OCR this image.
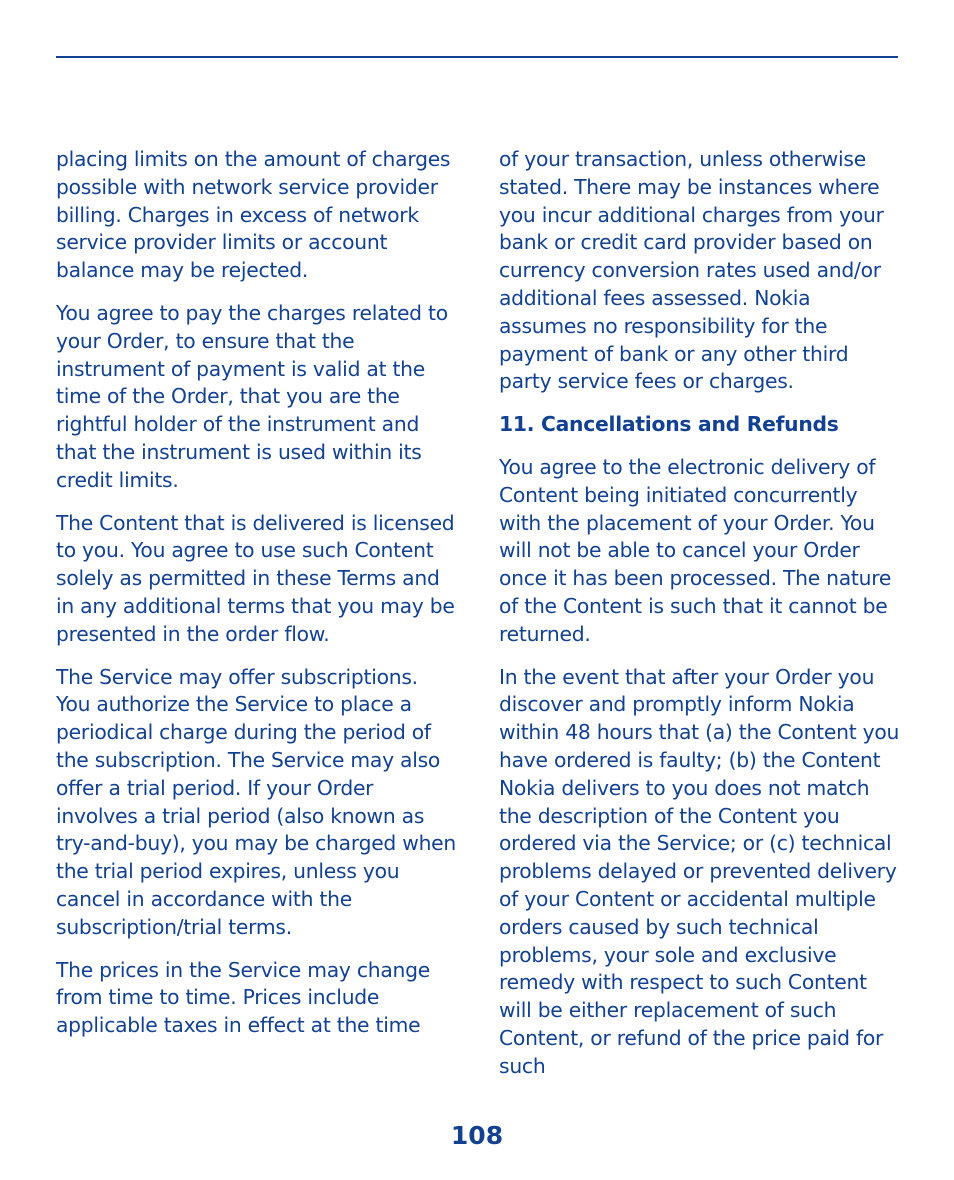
placing limits on the amount of charges possible with network service provider billing. Charges in excess of network service provider limits or account balance may be rejected.

You agree to pay the charges related to your Order, to ensure that the instrument of payment is valid at the time of the Order, that you are the rightful holder of the instrument and that the instrument is used within its credit limits.

The Content that is delivered is licensed to you. You agree to use such Content solely as permitted in these Terms and in any additional terms that you may be presented in the order flow.

The Service may offer subscriptions. You authorize the Service to place a periodical charge during the period of the subscription. The Service may also offer a trial period. If your Order involves a trial period (also known as try-and-buy), you may be charged when the trial period expires, unless you cancel in accordance with the subscription/trial terms.

The prices in the Service may change from time to time. Prices include applicable taxes in effect at the time

of your transaction, unless otherwise stated. There may be instances where you incur additional charges from your bank or credit card provider based on currency conversion rates used and/or additional fees assessed. Nokia assumes no responsibility for the payment of bank or any other third party service fees or charges.

11. Cancellations and Refunds

You agree to the electronic delivery of Content being initiated concurrently with the placement of your Order. You will not be able to cancel your Order once it has been processed. The nature of the Content is such that it cannot be returned.

In the event that after your Order you discover and promptly inform Nokia within 48 hours that (a) the Content you have ordered is faulty; (b) the Content Nokia delivers to you does not match the description of the Content you ordered via the Service; or (c) technical problems delayed or prevented delivery of your Content or accidental multiple orders caused by such technical problems, your sole and exclusive remedy with respect to such Content will be either replacement of such Content, or refund of the price paid for such

108
